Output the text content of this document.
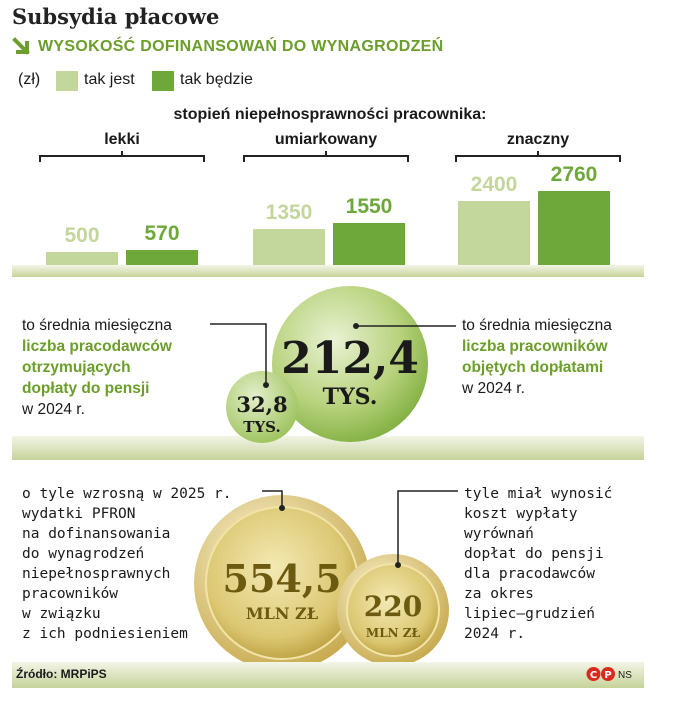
Subsydia płacowe
WYSOKOŚĆ DOFINANSOWAŃ DO WYNAGRODZEŃ
(zł)	tak jest	tak będzie
stopień niepełnosprawności pracownika:
lekki	umiarkowany	znaczny
500	570
1350	1550
2400	2760
212,4
TYS.
32,8
TYS.
to średnia miesięczna
liczba pracodawców
otrzymujących
dopłaty do pensji
w 2024 r.
to średnia miesięczna
liczba pracowników
objętych dopłatami
w 2024 r.
554,5
MLN ZŁ	220
MLN ZŁ
o tyle wzrosną w 2025 r.
wydatki PFRON
na dofinansowania
do wynagrodzeń
niepełnosprawnych
pracowników
w związku
z ich podniesieniem
tyle miał wynosić
koszt wypłaty
wyrównań
dopłat do pensji
dla pracodawców
za okres
lipiec–grudzień
2024 r.
Źródło: MRPiPS	C P NS
